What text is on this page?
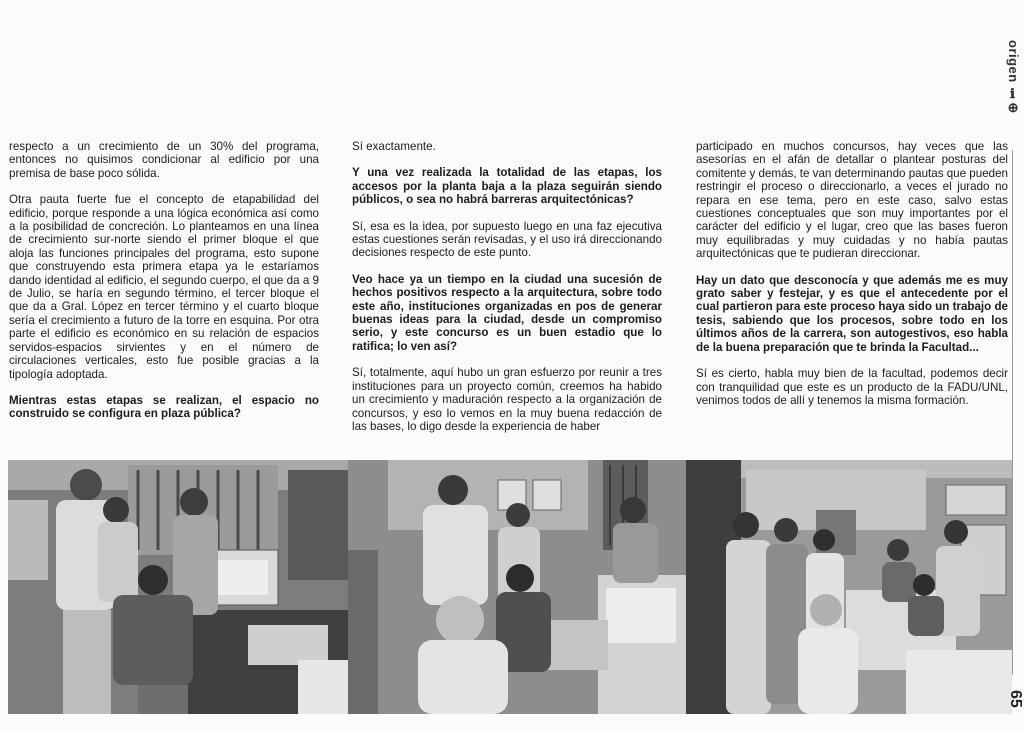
origen ℹ⊕

respecto a un crecimiento de un 30% del programa, entonces no quisimos condicionar al edificio por una premisa de base poco sólida.

Otra pauta fuerte fue el concepto de etapabilidad del edificio, porque responde a una lógica económica así como a la posibilidad de concreción. Lo planteamos en una línea de crecimiento sur-norte siendo el primer bloque el que aloja las funciones principales del programa, esto supone que construyendo esta primera etapa ya le estaríamos dando identidad al edificio, el segundo cuerpo, el que da a 9 de Julio, se haría en segundo término, el tercer bloque el que da a Gral. López en tercer término y el cuarto bloque sería el crecimiento a futuro de la torre en esquina. Por otra parte el edificio es económico en su relación de espacios servidos-espacios sirvientes y en el número de circulaciones verticales, esto fue posible gracias a la tipología adoptada.

Mientras estas etapas se realizan, el espacio no construido se configura en plaza pública?

Sí exactamente.

Y una vez realizada la totalidad de las etapas, los accesos por la planta baja a la plaza seguirán siendo públicos, o sea no habrá barreras arquitectónicas?

Sí, esa es la idea, por supuesto luego en una faz ejecutiva estas cuestiones serán revisadas, y el uso irá direccionando decisiones respecto de este punto.

Veo hace ya un tiempo en la ciudad una sucesión de hechos positivos respecto a la arquitectura, sobre todo este año, instituciones organizadas en pos de generar buenas ideas para la ciudad, desde un compromiso serio, y este concurso es un buen estadio que lo ratifica; lo ven así?

Sí, totalmente, aquí hubo un gran esfuerzo por reunir a tres instituciones para un proyecto común, creemos ha habido un crecimiento y maduración respecto a la organización de concursos, y eso lo vemos en la muy buena redacción de las bases, lo digo desde la experiencia de haber

participado en muchos concursos, hay veces que las asesorías en el afán de detallar o plantear posturas del comitente y demás, te van determinando pautas que pueden restringir el proceso o direccionarlo, a veces el jurado no repara en ese tema, pero en este caso, salvo estas cuestiones conceptuales que son muy importantes por el carácter del edificio y el lugar, creo que las bases fueron muy equilibradas y muy cuidadas y no había pautas arquitectónicas que te pudieran direccionar.

Hay un dato que desconocía y que además me es muy grato saber y festejar, y es que el antecedente por el cual partieron para este proceso haya sido un trabajo de tesis, sabiendo que los procesos, sobre todo en los últimos años de la carrera, son autogestivos, eso habla de la buena preparación que te brinda la Facultad...

Sí es cierto, habla muy bien de la facultad, podemos decir con tranquilidad que este es un producto de la FADU/UNL, venimos todos de allí y tenemos la misma formación.

65
